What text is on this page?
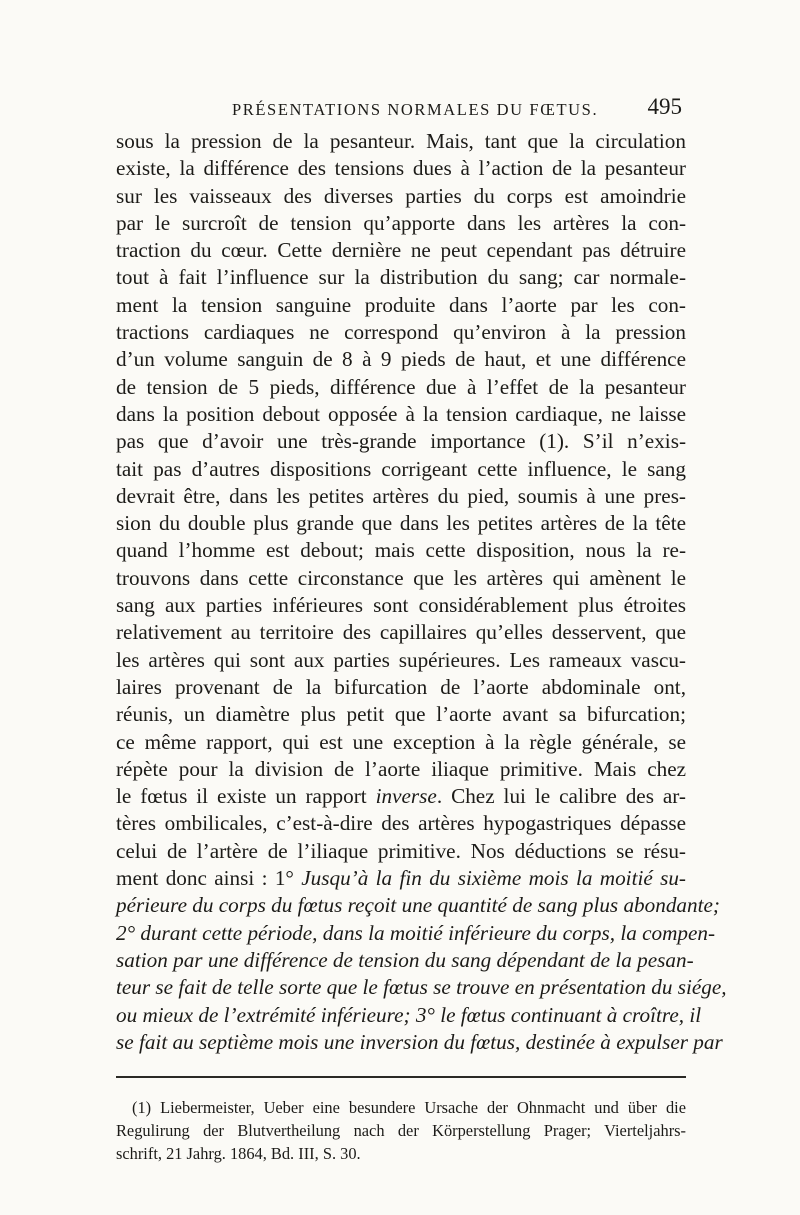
PRÉSENTATIONS NORMALES DU FŒTUS. 495
sous la pression de la pesanteur. Mais, tant que la circulation
existe, la différence des tensions dues à l’action de la pesanteur
sur les vaisseaux des diverses parties du corps est amoindrie
par le surcroît de tension qu’apporte dans les artères la con-
traction du cœur. Cette dernière ne peut cependant pas détruire
tout à fait l’influence sur la distribution du sang; car normale-
ment la tension sanguine produite dans l’aorte par les con-
tractions cardiaques ne correspond qu’environ à la pression
d’un volume sanguin de 8 à 9 pieds de haut, et une différence
de tension de 5 pieds, différence due à l’effet de la pesanteur
dans la position debout opposée à la tension cardiaque, ne laisse
pas que d’avoir une très-grande importance (1). S’il n’exis-
tait pas d’autres dispositions corrigeant cette influence, le sang
devrait être, dans les petites artères du pied, soumis à une pres-
sion du double plus grande que dans les petites artères de la tête
quand l’homme est debout; mais cette disposition, nous la re-
trouvons dans cette circonstance que les artères qui amènent le
sang aux parties inférieures sont considérablement plus étroites
relativement au territoire des capillaires qu’elles desservent, que
les artères qui sont aux parties supérieures. Les rameaux vascu-
laires provenant de la bifurcation de l’aorte abdominale ont,
réunis, un diamètre plus petit que l’aorte avant sa bifurcation;
ce même rapport, qui est une exception à la règle générale, se
répète pour la division de l’aorte iliaque primitive. Mais chez
le fœtus il existe un rapport inverse. Chez lui le calibre des ar-
tères ombilicales, c’est-à-dire des artères hypogastriques dépasse
celui de l’artère de l’iliaque primitive. Nos déductions se résu-
ment donc ainsi : 1° Jusqu’à la fin du sixième mois la moitié su-
périeure du corps du fœtus reçoit une quantité de sang plus abondante;
2° durant cette période, dans la moitié inférieure du corps, la compen-
sation par une différence de tension du sang dépendant de la pesan-
teur se fait de telle sorte que le fœtus se trouve en présentation du siége,
ou mieux de l’extrémité inférieure; 3° le fœtus continuant à croître, il
se fait au septième mois une inversion du fœtus, destinée à expulser par
(1) Liebermeister, Ueber eine besundere Ursache der Ohnmacht und über die
Regulirung der Blutvertheilung nach der Körperstellung Prager; Vierteljahrs-
schrift, 21 Jahrg. 1864, Bd. III, S. 30.
